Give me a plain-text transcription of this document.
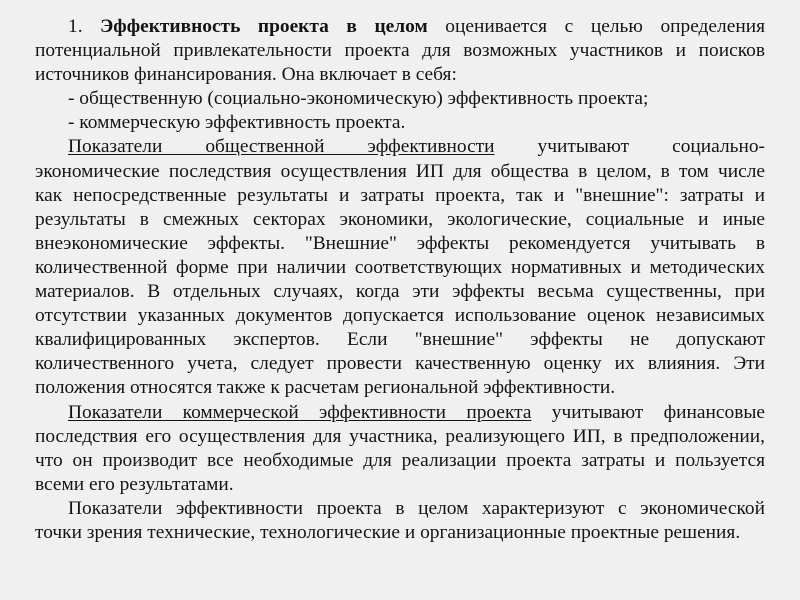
1. Эффективность проекта в целом оценивается с целью определения
потенциальной привлекательности проекта для возможных участников и поисков
источников финансирования. Она включает в себя:
- общественную (социально-экономическую) эффективность проекта;
- коммерческую эффективность проекта.
Показатели общественной эффективности учитывают социально-
экономические последствия осуществления ИП для общества в целом, в том числе
как непосредственные результаты и затраты проекта, так и "внешние": затраты и
результаты в смежных секторах экономики, экологические, социальные и иные
внеэкономические эффекты. "Внешние" эффекты рекомендуется учитывать в
количественной форме при наличии соответствующих нормативных и методических
материалов. В отдельных случаях, когда эти эффекты весьма существенны, при
отсутствии указанных документов допускается использование оценок независимых
квалифицированных экспертов. Если "внешние" эффекты не допускают
количественного учета, следует провести качественную оценку их влияния. Эти
положения относятся также к расчетам региональной эффективности.
Показатели коммерческой эффективности проекта учитывают финансовые
последствия его осуществления для участника, реализующего ИП, в предположении,
что он производит все необходимые для реализации проекта затраты и пользуется
всеми его результатами.
Показатели эффективности проекта в целом характеризуют с экономической
точки зрения технические, технологические и организационные проектные решения.
